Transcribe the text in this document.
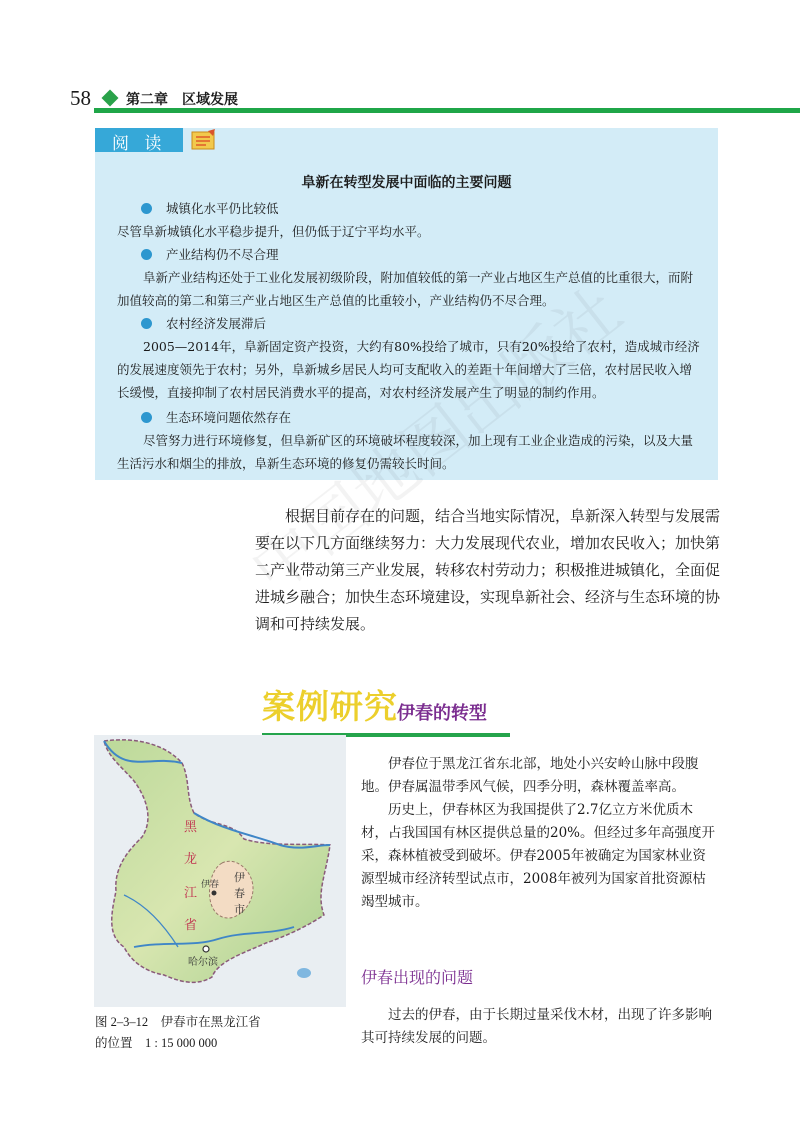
58	第二章　区域发展
阅 读
阜新在转型发展中面临的主要问题
城镇化水平仍比较低
尽管阜新城镇化水平稳步提升，但仍低于辽宁平均水平。
产业结构仍不尽合理
阜新产业结构还处于工业化发展初级阶段，附加值较低的第一产业占地区生产总值的比重很大，而附加值较高的第二和第三产业占地区生产总值的比重较小，产业结构仍不尽合理。
农村经济发展滞后
2005—2014年，阜新固定资产投资，大约有80%投给了城市，只有20%投给了农村，造成城市经济的发展速度领先于农村；另外，阜新城乡居民人均可支配收入的差距十年间增大了三倍，农村居民收入增长缓慢，直接抑制了农村居民消费水平的提高，对农村经济发展产生了明显的制约作用。
生态环境问题依然存在
尽管努力进行环境修复，但阜新矿区的环境破坏程度较深，加上现有工业企业造成的污染，以及大量生活污水和烟尘的排放，阜新生态环境的修复仍需较长时间。
根据目前存在的问题，结合当地实际情况，阜新深入转型与发展需要在以下几方面继续努力：大力发展现代农业，增加农民收入；加快第二产业带动第三产业发展，转移农村劳动力；积极推进城镇化，全面促进城乡融合；加快生态环境建设，实现阜新社会、经济与生态环境的协调和可持续发展。
案例研究 伊春的转型
黑
龙
江
省
伊
春
市
伊春
哈尔滨
图 2–3–12　伊春市在黑龙江省
的位置　1 : 15 000 000
伊春位于黑龙江省东北部，地处小兴安岭山脉中段腹地。伊春属温带季风气候，四季分明，森林覆盖率高。
历史上，伊春林区为我国提供了2.7亿立方米优质木材，占我国国有林区提供总量的20%。但经过多年高强度开采，森林植被受到破坏。伊春2005年被确定为国家林业资源型城市经济转型试点市，2008年被列为国家首批资源枯竭型城市。
伊春出现的问题
过去的伊春，由于长期过量采伐木材，出现了许多影响其可持续发展的问题。
